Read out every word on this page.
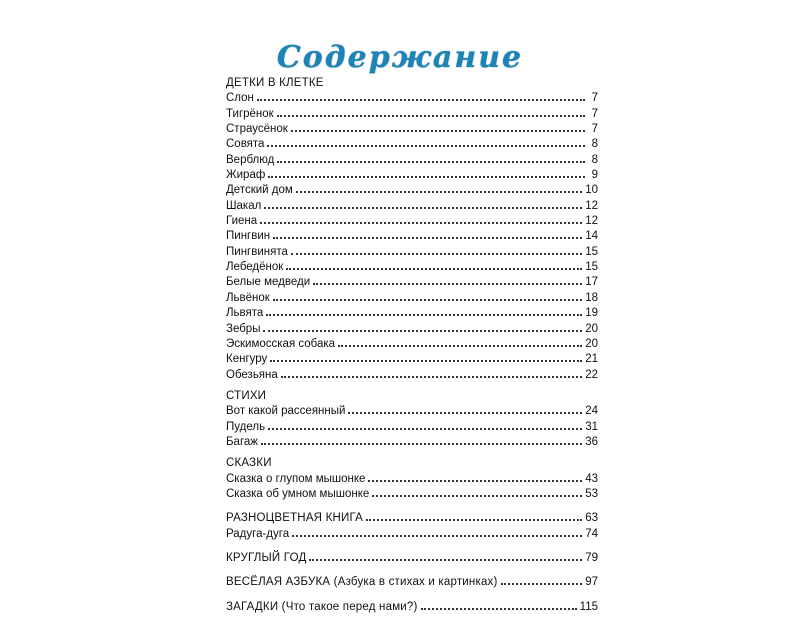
Содержание
ДЕТКИ В КЛЕТКЕ
Слон	7
Тигрёнок	7
Страусёнок	7
Совята	8
Верблюд	8
Жираф	9
Детский дом	10
Шакал	12
Гиена	12
Пингвин	14
Пингвинята	15
Лебедёнок	15
Белые медведи	17
Львёнок	18
Львята	19
Зебры	20
Эскимосская собака	20
Кенгуру	21
Обезьяна	22
СТИХИ
Вот какой рассеянный	24
Пудель	31
Багаж	36
СКАЗКИ
Сказка о глупом мышонке	43
Сказка об умном мышонке	53
РАЗНОЦВЕТНАЯ КНИГА	63
Радуга-дуга	74
КРУГЛЫЙ ГОД	79
ВЕСЁЛАЯ АЗБУКА (Азбука в стихах и картинках)	97
ЗАГАДКИ (Что такое перед нами?)	115
